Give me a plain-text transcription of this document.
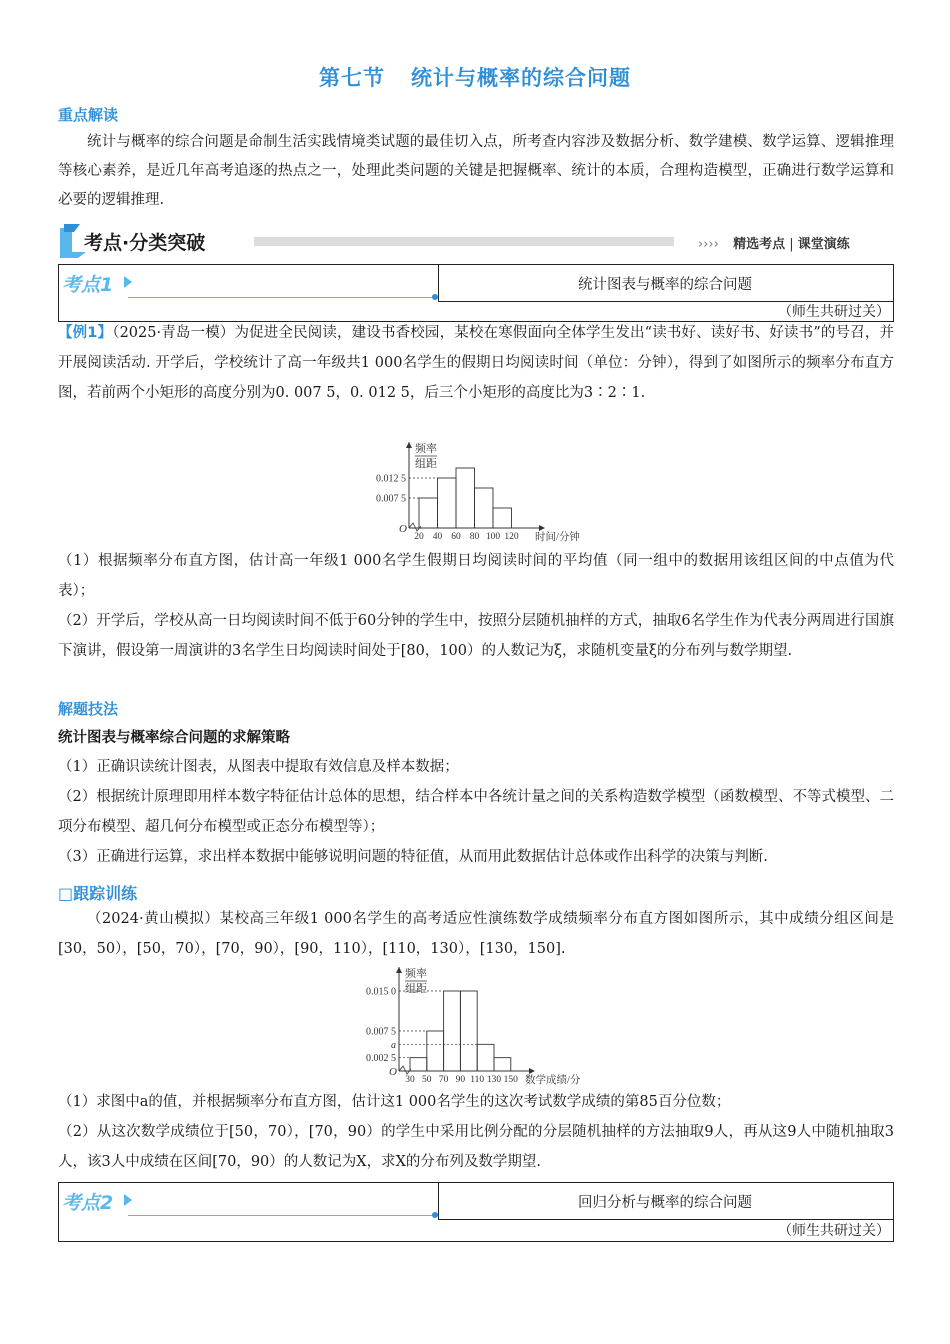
第七节 统计与概率的综合问题
重点解读

统计与概率的综合问题是命制生活实践情境类试题的最佳切入点，所考查内容涉及数据分析、数学建模、数学运算、逻辑推理等核心素养，是近几年高考追逐的热点之一，处理此类问题的关键是把握概率、统计的本质，合理构造模型，正确进行数学运算和必要的逻辑推理.

考点·分类突破	›››› 精选考点 | 课堂演练
考点1	统计图表与概率的综合问题
（师生共研过关）

【例1】（2025·青岛一模）为促进全民阅读，建设书香校园，某校在寒假面向全体学生发出“读书好、读好书、好读书”的号召，并开展阅读活动. 开学后，学校统计了高一年级共1 000名学生的假期日均阅读时间（单位：分钟），得到了如图所示的频率分布直方图，若前两个小矩形的高度分别为0. 007 5，0. 012 5，后三个小矩形的高度比为3∶2∶1.

频率
组距
O
时间/分钟
20 40 60 80 100 120
0.012 5
0.007 5

（1）根据频率分布直方图，估计高一年级1 000名学生假期日均阅读时间的平均值（同一组中的数据用该组区间的中点值为代表）；

（2）开学后，学校从高一日均阅读时间不低于60分钟的学生中，按照分层随机抽样的方式，抽取6名学生作为代表分两周进行国旗下演讲，假设第一周演讲的3名学生日均阅读时间处于[80，100）的人数记为ξ，求随机变量ξ的分布列与数学期望.

解题技法
统计图表与概率综合问题的求解策略

（1）正确识读统计图表，从图表中提取有效信息及样本数据；

（2）根据统计原理即用样本数字特征估计总体的思想，结合样本中各统计量之间的关系构造数学模型（函数模型、不等式模型、二项分布模型、超几何分布模型或正态分布模型等）；

（3）正确进行运算，求出样本数据中能够说明问题的特征值，从而用此数据估计总体或作出科学的决策与判断.

□跟踪训练

（2024·黄山模拟）某校高三年级1 000名学生的高考适应性演练数学成绩频率分布直方图如图所示，其中成绩分组区间是[30，50），[50，70），[70，90），[90，110），[110，130），[130，150].

频率
组距
O
数学成绩/分
30 50 70 90 110 130 150
0.015 0
0.007 5
a
0.002 5

（1）求图中a的值，并根据频率分布直方图，估计这1 000名学生的这次考试数学成绩的第85百分位数；

（2）从这次数学成绩位于[50，70），[70，90）的学生中采用比例分配的分层随机抽样的方法抽取9人，再从这9人中随机抽取3人，该3人中成绩在区间[70，90）的人数记为X，求X的分布列及数学期望.

考点2	回归分析与概率的综合问题
（师生共研过关）
